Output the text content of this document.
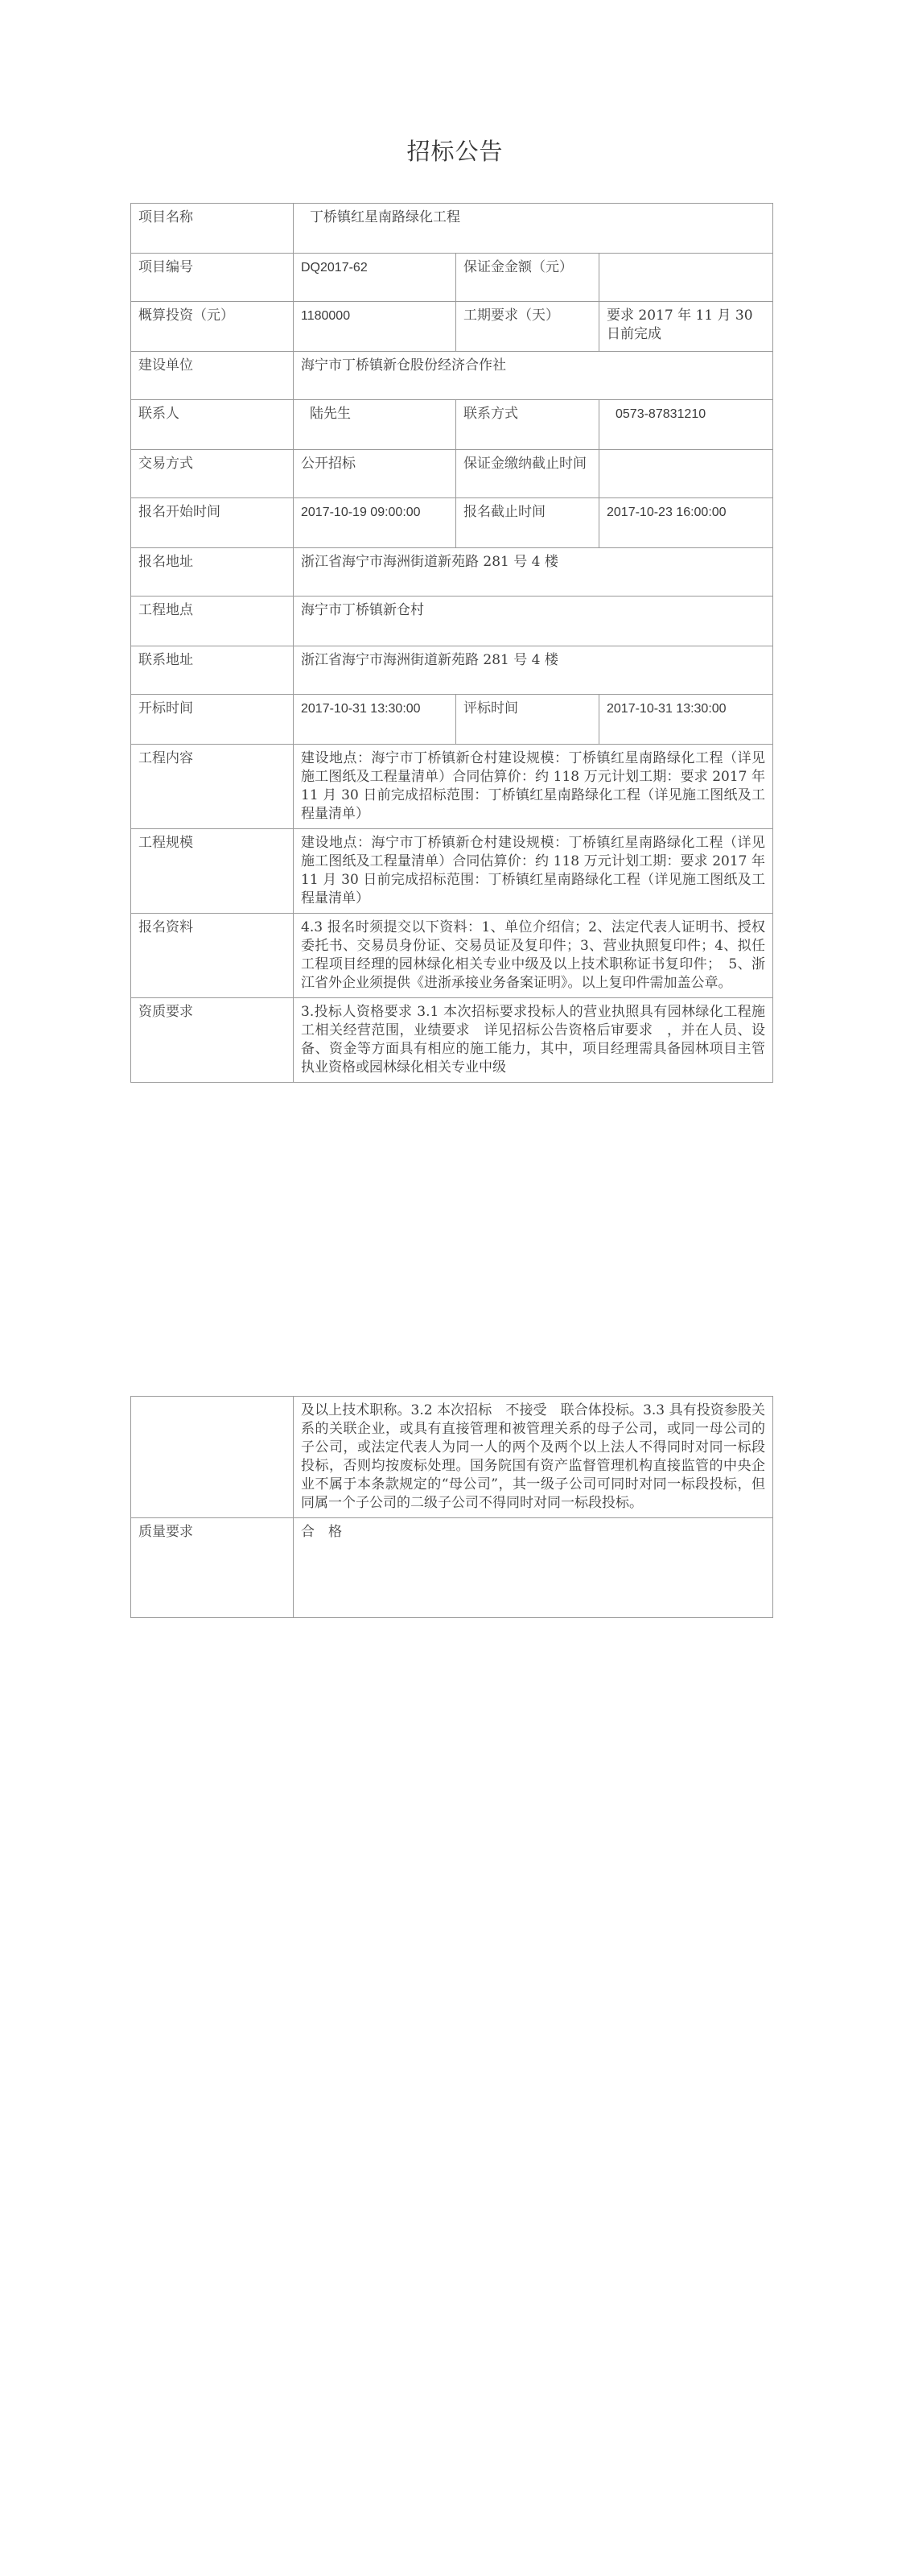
招标公告
项目名称	丁桥镇红星南路绿化工程		
项目编号	DQ2017-62	保证金金额（元）	
概算投资（元）	1180000	工期要求（天）	要求 2017 年 11 月 30 日前完成
建设单位	海宁市丁桥镇新仓股份经济合作社		
联系人	陆先生	联系方式	0573-87831210
交易方式	公开招标	保证金缴纳截止时间	
报名开始时间	2017-10-19 09:00:00	报名截止时间	2017-10-23 16:00:00
报名地址	浙江省海宁市海洲街道新苑路 281 号 4 楼		
工程地点	海宁市丁桥镇新仓村		
联系地址	浙江省海宁市海洲街道新苑路 281 号 4 楼		
开标时间	2017-10-31 13:30:00	评标时间	2017-10-31 13:30:00
工程内容	建设地点：海宁市丁桥镇新仓村建设规模：丁桥镇红星南路绿化工程（详见施工图纸及工程量清单）合同估算价：约 118 万元计划工期：要求 2017 年 11 月 30 日前完成招标范围：丁桥镇红星南路绿化工程（详见施工图纸及工程量清单）		
工程规模	建设地点：海宁市丁桥镇新仓村建设规模：丁桥镇红星南路绿化工程（详见施工图纸及工程量清单）合同估算价：约 118 万元计划工期：要求 2017 年 11 月 30 日前完成招标范围：丁桥镇红星南路绿化工程（详见施工图纸及工程量清单）		
报名资料	4.3 报名时须提交以下资料：1、单位介绍信；2、法定代表人证明书、授权委托书、交易员身份证、交易员证及复印件；3、营业执照复印件；4、拟任工程项目经理的园林绿化相关专业中级及以上技术职称证书复印件；　5、浙江省外企业须提供《进浙承接业务备案证明》。以上复印件需加盖公章。		
资质要求	3.投标人资格要求 3.1 本次招标要求投标人的营业执照具有园林绿化工程施工相关经营范围，业绩要求　详见招标公告资格后审要求　，并在人员、设备、资金等方面具有相应的施工能力，其中，项目经理需具备园林项目主管执业资格或园林绿化相关专业中级		
	及以上技术职称。3.2 本次招标　不接受　联合体投标。3.3 具有投资参股关系的关联企业，或具有直接管理和被管理关系的母子公司，或同一母公司的子公司，或法定代表人为同一人的两个及两个以上法人不得同时对同一标段投标，否则均按废标处理。国务院国有资产监督管理机构直接监管的中央企业不属于本条款规定的“母公司”，其一级子公司可同时对同一标段投标，但同属一个子公司的二级子公司不得同时对同一标段投标。
质量要求	合　格
